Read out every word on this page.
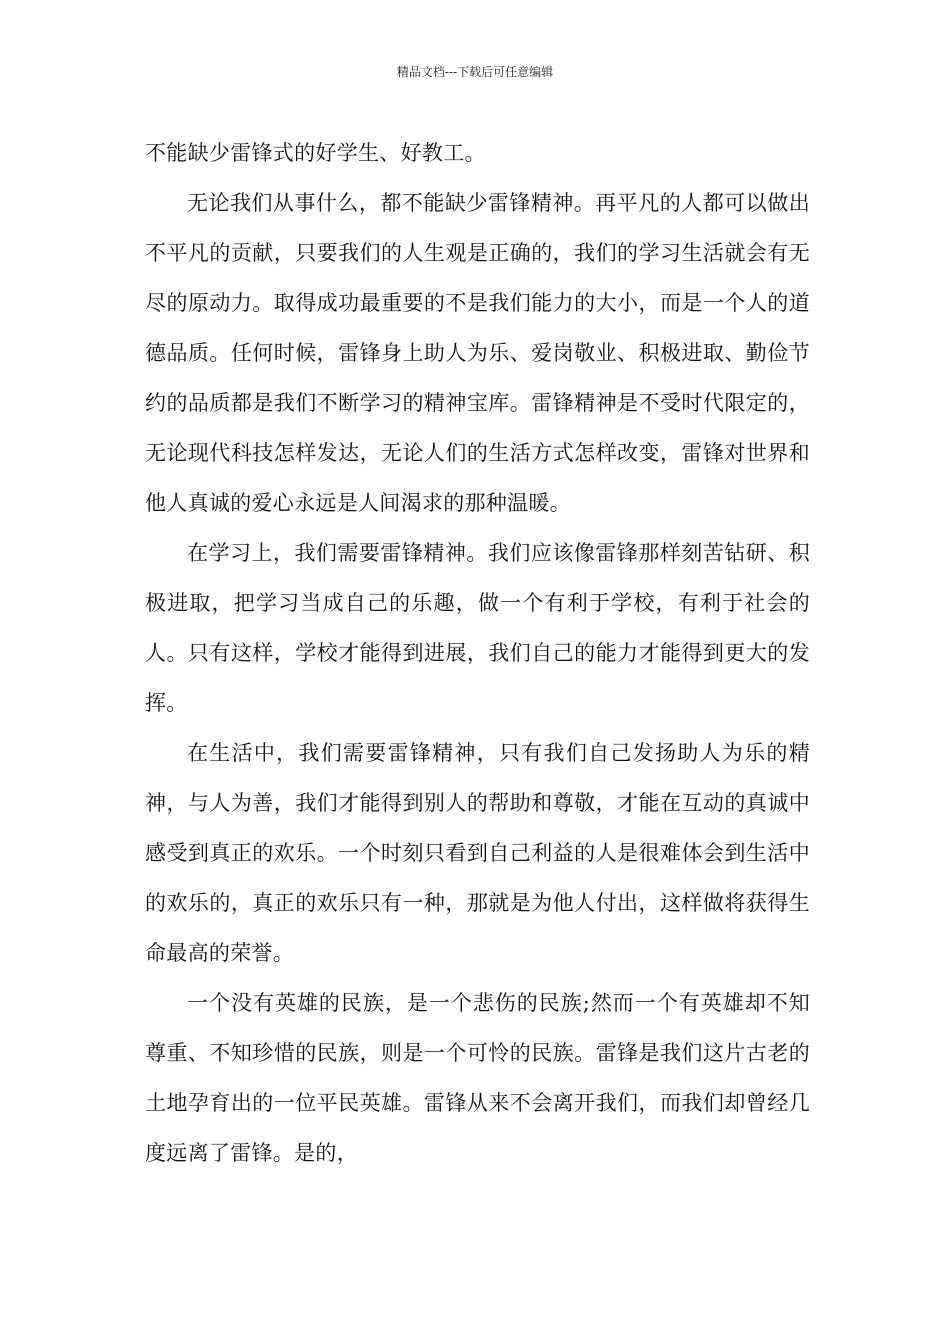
精品文档---下载后可任意编辑

不能缺少雷锋式的好学生、好教工。

无论我们从事什么，都不能缺少雷锋精神。再平凡的人都可以做出不平凡的贡献，只要我们的人生观是正确的，我们的学习生活就会有无尽的原动力。取得成功最重要的不是我们能力的大小，而是一个人的道德品质。任何时候，雷锋身上助人为乐、爱岗敬业、积极进取、勤俭节约的品质都是我们不断学习的精神宝库。雷锋精神是不受时代限定的，无论现代科技怎样发达，无论人们的生活方式怎样改变，雷锋对世界和他人真诚的爱心永远是人间渴求的那种温暖。

在学习上，我们需要雷锋精神。我们应该像雷锋那样刻苦钻研、积极进取，把学习当成自己的乐趣，做一个有利于学校，有利于社会的人。只有这样，学校才能得到进展，我们自己的能力才能得到更大的发挥。

在生活中，我们需要雷锋精神，只有我们自己发扬助人为乐的精神，与人为善，我们才能得到别人的帮助和尊敬，才能在互动的真诚中感受到真正的欢乐。一个时刻只看到自己利益的人是很难体会到生活中的欢乐的，真正的欢乐只有一种，那就是为他人付出，这样做将获得生命最高的荣誉。

一个没有英雄的民族，是一个悲伤的民族;然而一个有英雄却不知尊重、不知珍惜的民族，则是一个可怜的民族。雷锋是我们这片古老的土地孕育出的一位平民英雄。雷锋从来不会离开我们，而我们却曾经几度远离了雷锋。是的，
